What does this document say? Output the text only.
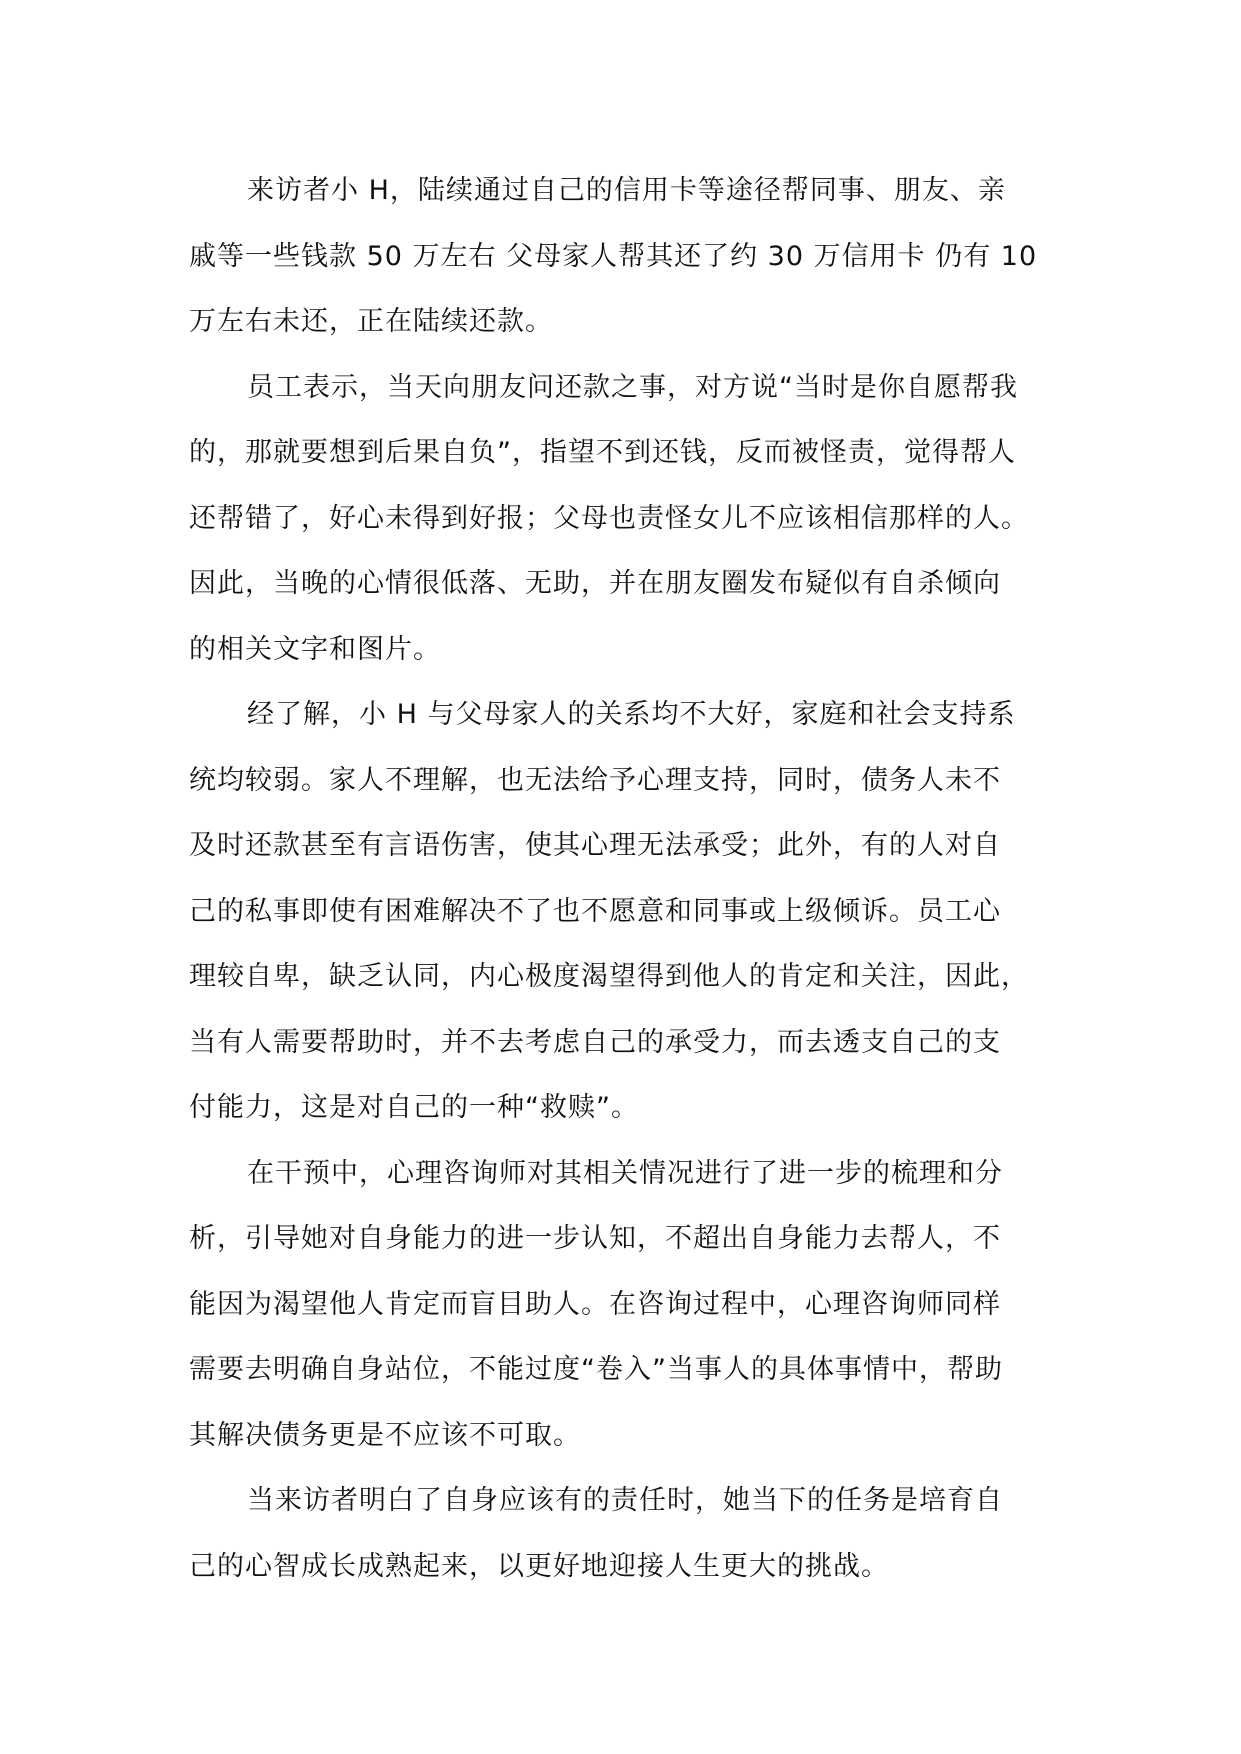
来访者小 H，陆续通过自己的信用卡等途径帮同事、朋友、亲
戚等一些钱款 50 万左右 父母家人帮其还了约 30 万信用卡 仍有 10
万左右未还，正在陆续还款。
员工表示，当天向朋友问还款之事，对方说“当时是你自愿帮我
的，那就要想到后果自负”，指望不到还钱，反而被怪责，觉得帮人
还帮错了，好心未得到好报；父母也责怪女儿不应该相信那样的人。
因此，当晚的心情很低落、无助，并在朋友圈发布疑似有自杀倾向
的相关文字和图片。
经了解，小 H 与父母家人的关系均不大好，家庭和社会支持系
统均较弱。家人不理解，也无法给予心理支持，同时，债务人未不
及时还款甚至有言语伤害，使其心理无法承受；此外，有的人对自
己的私事即使有困难解决不了也不愿意和同事或上级倾诉。员工心
理较自卑，缺乏认同，内心极度渴望得到他人的肯定和关注，因此，
当有人需要帮助时，并不去考虑自己的承受力，而去透支自己的支
付能力，这是对自己的一种“救赎”。
在干预中，心理咨询师对其相关情况进行了进一步的梳理和分
析，引导她对自身能力的进一步认知，不超出自身能力去帮人，不
能因为渴望他人肯定而盲目助人。在咨询过程中，心理咨询师同样
需要去明确自身站位，不能过度“卷入”当事人的具体事情中，帮助
其解决债务更是不应该不可取。
当来访者明白了自身应该有的责任时，她当下的任务是培育自
己的心智成长成熟起来，以更好地迎接人生更大的挑战。
